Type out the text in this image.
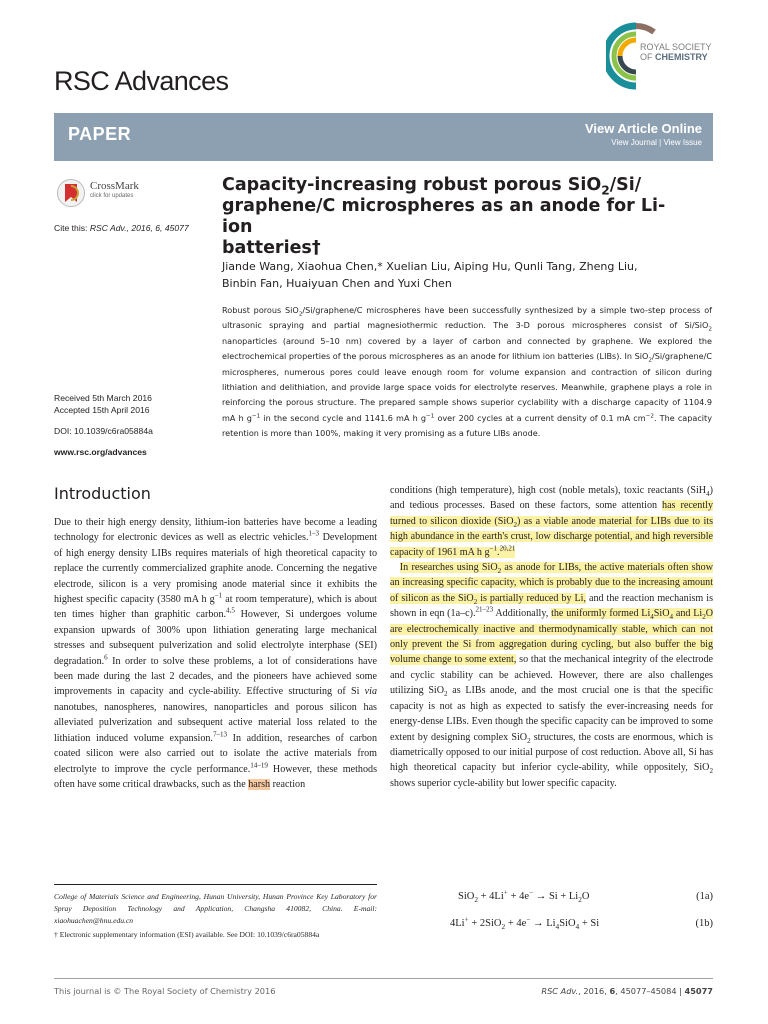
RSC Advances
ROYAL SOCIETY
OF CHEMISTRY
PAPER	View Article Online
View Journal | View Issue
CrossMark
click for updates
Cite this: RSC Adv., 2016, 6, 45077
Received 5th March 2016
Accepted 15th April 2016
DOI: 10.1039/c6ra05884a
www.rsc.org/advances
Capacity-increasing robust porous SiO$_2$/Si/
graphene/C microspheres as an anode for Li-ion
batteries†
Jiande Wang, Xiaohua Chen,* Xuelian Liu, Aiping Hu, Qunli Tang, Zheng Liu,
Binbin Fan, Huaiyuan Chen and Yuxi Chen
Robust porous SiO$_2$/Si/graphene/C microspheres have been successfully synthesized by a simple two-step process of ultrasonic spraying and partial magnesiothermic reduction. The 3-D porous microspheres consist of Si/SiO$_2$ nanoparticles (around 5–10 nm) covered by a layer of carbon and connected by graphene. We explored the electrochemical properties of the porous microspheres as an anode for lithium ion batteries (LIBs). In SiO$_2$/Si/graphene/C microspheres, numerous pores could leave enough room for volume expansion and contraction of silicon during lithiation and delithiation, and provide large space voids for electrolyte reserves. Meanwhile, graphene plays a role in reinforcing the porous structure. The prepared sample shows superior cyclability with a discharge capacity of 1104.9 mA h $g^{-1}$ in the second cycle and 1141.6 mA h $g^{-1}$ over 200 cycles at a current density of 0.1 mA $cm^{-2}$. The capacity retention is more than 100%, making it very promising as a future LIBs anode.
Introduction
Due to their high energy density, lithium-ion batteries have become a leading technology for electronic devices as well as electric vehicles.$^{1-3}$ Development of high energy density LIBs requires materials of high theoretical capacity to replace the currently commercialized graphite anode. Concerning the negative electrode, silicon is a very promising anode material since it exhibits the highest specific capacity (3580 mA h $g^{-1}$ at room temperature), which is about ten times higher than graphitic carbon.$^{4,5}$ However, Si undergoes volume expansion upwards of 300% upon lithiation generating large mechanical stresses and subsequent pulverization and solid electrolyte interphase (SEI) degradation.$^6$ In order to solve these problems, a lot of considerations have been made during the last 2 decades, and the pioneers have achieved some improvements in capacity and cycle-ability. Effective structuring of Si via nanotubes, nanospheres, nanowires, nanoparticles and porous silicon has alleviated pulverization and subsequent active material loss related to the lithiation induced volume expansion.$^{7-13}$ In addition, researches of carbon coated silicon were also carried out to isolate the active materials from electrolyte to improve the cycle performance.$^{14-19}$ However, these methods often have some critical drawbacks, such as the harsh reaction
conditions (high temperature), high cost (noble metals), toxic reactants (SiH$_4$) and tedious processes. Based on these factors, some attention has recently turned to silicon dioxide (SiO$_2$) as a viable anode material for LIBs due to its high abundance in the earth's crust, low discharge potential, and high reversible capacity of 1961 mA h $g^{-1}.^{20,21}$
In researches using SiO$_2$ as anode for LIBs, the active materials often show an increasing specific capacity, which is probably due to the increasing amount of silicon as the SiO$_2$ is partially reduced by Li, and the reaction mechanism is shown in eqn (1a–c).$^{21-23}$ Additionally, the uniformly formed $Li_4SiO_4$ and $Li_2O$ are electrochemically inactive and thermodynamically stable, which can not only prevent the Si from aggregation during cycling, but also buffer the big volume change to some extent, so that the mechanical integrity of the electrode and cyclic stability can be achieved. However, there are also challenges utilizing SiO$_2$ as LIBs anode, and the most crucial one is that the specific capacity is not as high as expected to satisfy the ever-increasing needs for energy-dense LIBs. Even though the specific capacity can be improved to some extent by designing complex SiO$_2$ structures, the costs are enormous, which is diametrically opposed to our initial purpose of cost reduction. Above all, Si has high theoretical capacity but inferior cycle-ability, while oppositely, SiO$_2$ shows superior cycle-ability but lower specific capacity.
$SiO_2 + 4Li^+ + 4e^- \to Si + Li_2O$	(1a)
$4Li^+ + 2SiO_2 + 4e^- \to Li_4SiO_4 + Si$	(1b)
College of Materials Science and Engineering, Hunan University, Hunan Province Key Laboratory for Spray Deposition Technology and Application, Changsha 410082, China. E-mail: xiaohuachen@hnu.edu.cn
† Electronic supplementary information (ESI) available. See DOI: 10.1039/c6ra05884a
This journal is © The Royal Society of Chemistry 2016	RSC Adv., 2016, 6, 45077–45084 | 45077
